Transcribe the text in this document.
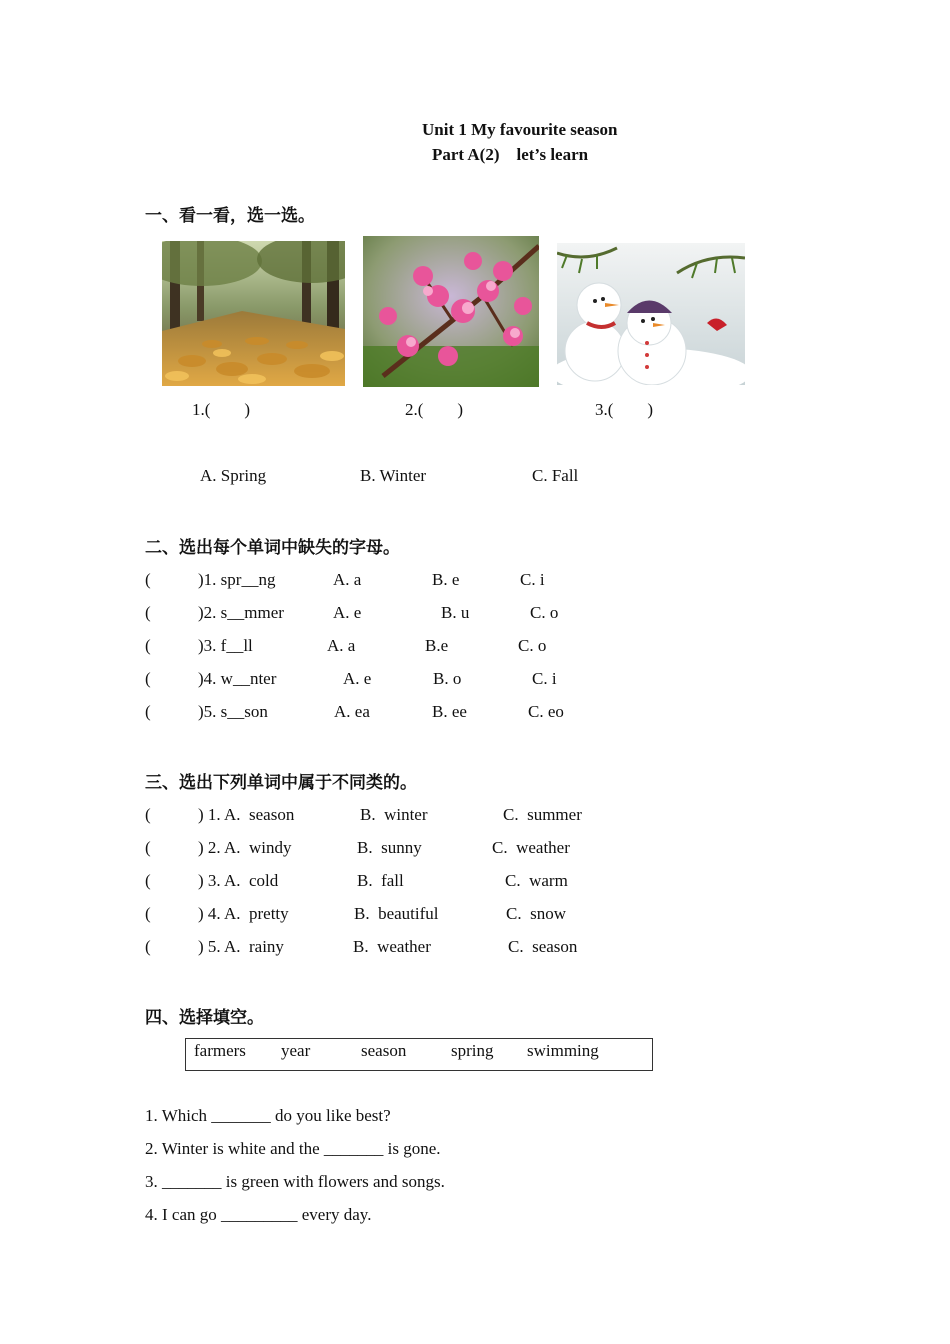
Unit 1 My favourite season
Part A(2)    let’s learn
一、看一看，选一选。
1.(        )	2.(        )	3.(        )
A. Spring	B. Winter	C. Fall
二、选出每个单词中缺失的字母。
(	)1. spr__ng	A. a	B. e	C. i
(	)2. s__mmer	A. e	B. u	C. o
(	)3. f__ll	A. a	B.e	C. o
(	)4. w__nter	A. e	B. o	C. i
(	)5. s__son	A. ea	B. ee	C. eo
三、选出下列单词中属于不同类的。
(	) 1. A.  season	B.  winter	C.  summer
(	) 2. A.  windy	B.  sunny	C.  weather
(	) 3. A.  cold	B.  fall	C.  warm
(	) 4. A.  pretty	B.  beautiful	C.  snow
(	) 5. A.  rainy	B.  weather	C.  season
四、选择填空。
farmers year	season	spring swimming
1. Which _______ do you like best?
2. Winter is white and the _______ is gone.
3. _______ is green with flowers and songs.
4. I can go _________ every day.
